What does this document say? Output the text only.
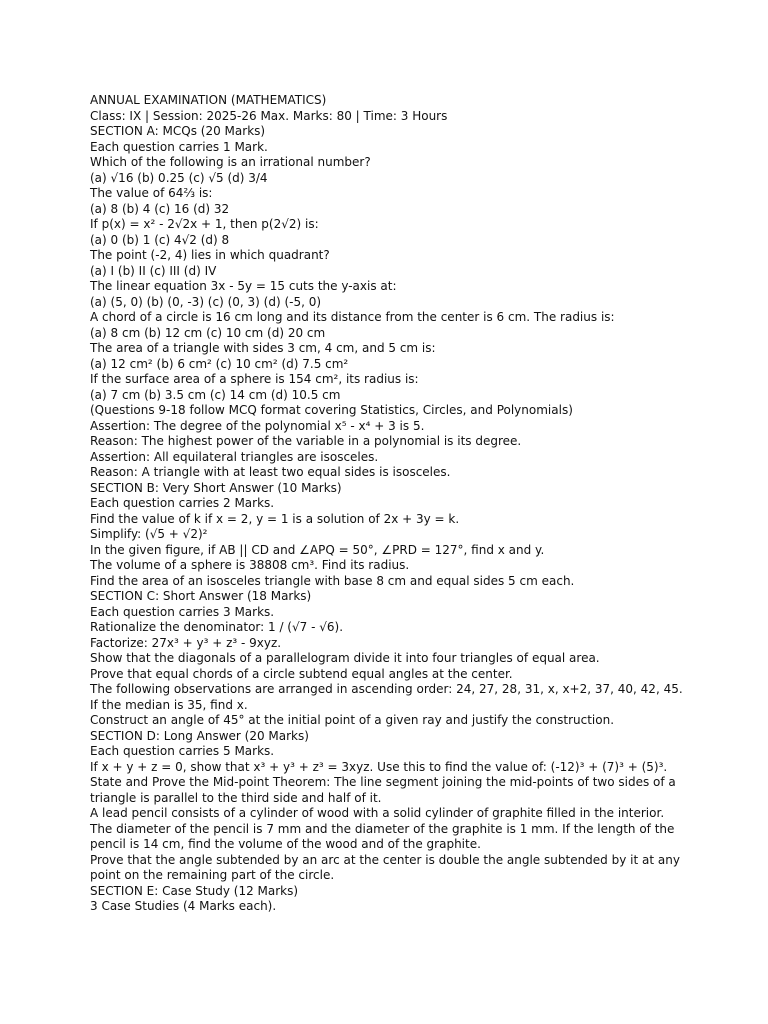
ANNUAL EXAMINATION (MATHEMATICS)

Class: IX | Session: 2025-26 Max. Marks: 80 | Time: 3 Hours

SECTION A: MCQs (20 Marks)

Each question carries 1 Mark.

Which of the following is an irrational number?

(a) √16 (b) 0.25 (c) √5 (d) 3/4

The value of 64⅔ is:

(a) 8 (b) 4 (c) 16 (d) 32

If p(x) = x² - 2√2x + 1, then p(2√2) is:

(a) 0 (b) 1 (c) 4√2 (d) 8

The point (-2, 4) lies in which quadrant?

(a) I (b) II (c) III (d) IV

The linear equation 3x - 5y = 15 cuts the y-axis at:

(a) (5, 0) (b) (0, -3) (c) (0, 3) (d) (-5, 0)

A chord of a circle is 16 cm long and its distance from the center is 6 cm. The radius is:

(a) 8 cm (b) 12 cm (c) 10 cm (d) 20 cm

The area of a triangle with sides 3 cm, 4 cm, and 5 cm is:

(a) 12 cm² (b) 6 cm² (c) 10 cm² (d) 7.5 cm²

If the surface area of a sphere is 154 cm², its radius is:

(a) 7 cm (b) 3.5 cm (c) 14 cm (d) 10.5 cm

(Questions 9-18 follow MCQ format covering Statistics, Circles, and Polynomials)

Assertion: The degree of the polynomial x⁵ - x⁴ + 3 is 5.

Reason: The highest power of the variable in a polynomial is its degree.

Assertion: All equilateral triangles are isosceles.

Reason: A triangle with at least two equal sides is isosceles.

SECTION B: Very Short Answer (10 Marks)

Each question carries 2 Marks.

Find the value of k if x = 2, y = 1 is a solution of 2x + 3y = k.

Simplify: (√5 + √2)²

In the given figure, if AB || CD and ∠APQ = 50°, ∠PRD = 127°, find x and y.

The volume of a sphere is 38808 cm³. Find its radius.

Find the area of an isosceles triangle with base 8 cm and equal sides 5 cm each.

SECTION C: Short Answer (18 Marks)

Each question carries 3 Marks.

Rationalize the denominator: 1 / (√7 - √6).

Factorize: 27x³ + y³ + z³ - 9xyz.

Show that the diagonals of a parallelogram divide it into four triangles of equal area.

Prove that equal chords of a circle subtend equal angles at the center.

The following observations are arranged in ascending order: 24, 27, 28, 31, x, x+2, 37, 40, 42, 45. If the median is 35, find x.

Construct an angle of 45° at the initial point of a given ray and justify the construction.

SECTION D: Long Answer (20 Marks)

Each question carries 5 Marks.

If x + y + z = 0, show that x³ + y³ + z³ = 3xyz. Use this to find the value of: (-12)³ + (7)³ + (5)³.

State and Prove the Mid-point Theorem: The line segment joining the mid-points of two sides of a triangle is parallel to the third side and half of it.

A lead pencil consists of a cylinder of wood with a solid cylinder of graphite filled in the interior. The diameter of the pencil is 7 mm and the diameter of the graphite is 1 mm. If the length of the pencil is 14 cm, find the volume of the wood and of the graphite.

Prove that the angle subtended by an arc at the center is double the angle subtended by it at any point on the remaining part of the circle.

SECTION E: Case Study (12 Marks)

3 Case Studies (4 Marks each).
